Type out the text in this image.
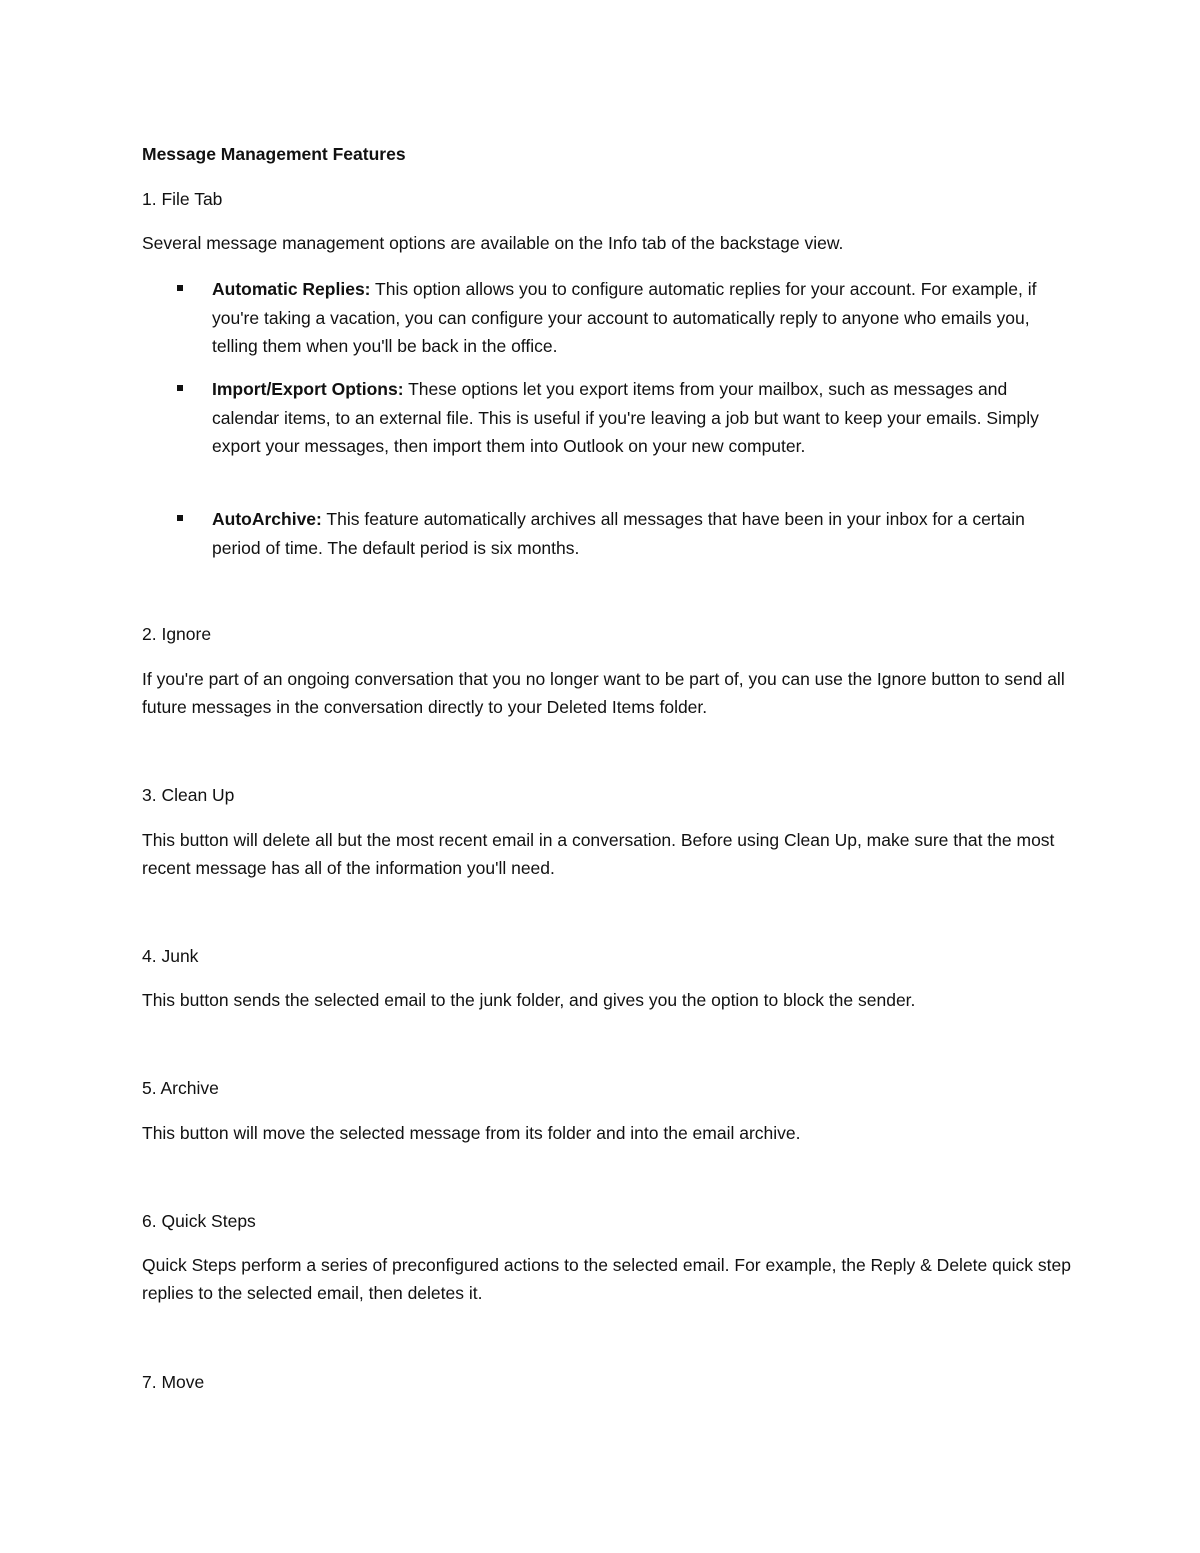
Message Management Features
1. File Tab

Several message management options are available on the Info tab of the backstage view.

Automatic Replies: This option allows you to configure automatic replies for your account. For example, if you're taking a vacation, you can configure your account to automatically reply to anyone who emails you, telling them when you'll be back in the office.

Import/Export Options: These options let you export items from your mailbox, such as messages and calendar items, to an external file. This is useful if you're leaving a job but want to keep your emails. Simply export your messages, then import them into Outlook on your new computer.

AutoArchive: This feature automatically archives all messages that have been in your inbox for a certain period of time. The default period is six months.

2. Ignore

If you're part of an ongoing conversation that you no longer want to be part of, you can use the Ignore button to send all future messages in the conversation directly to your Deleted Items folder.

3. Clean Up

This button will delete all but the most recent email in a conversation. Before using Clean Up, make sure that the most recent message has all of the information you'll need.

4. Junk

This button sends the selected email to the junk folder, and gives you the option to block the sender.

5. Archive

This button will move the selected message from its folder and into the email archive.

6. Quick Steps

Quick Steps perform a series of preconfigured actions to the selected email. For example, the Reply & Delete quick step replies to the selected email, then deletes it.

7. Move
